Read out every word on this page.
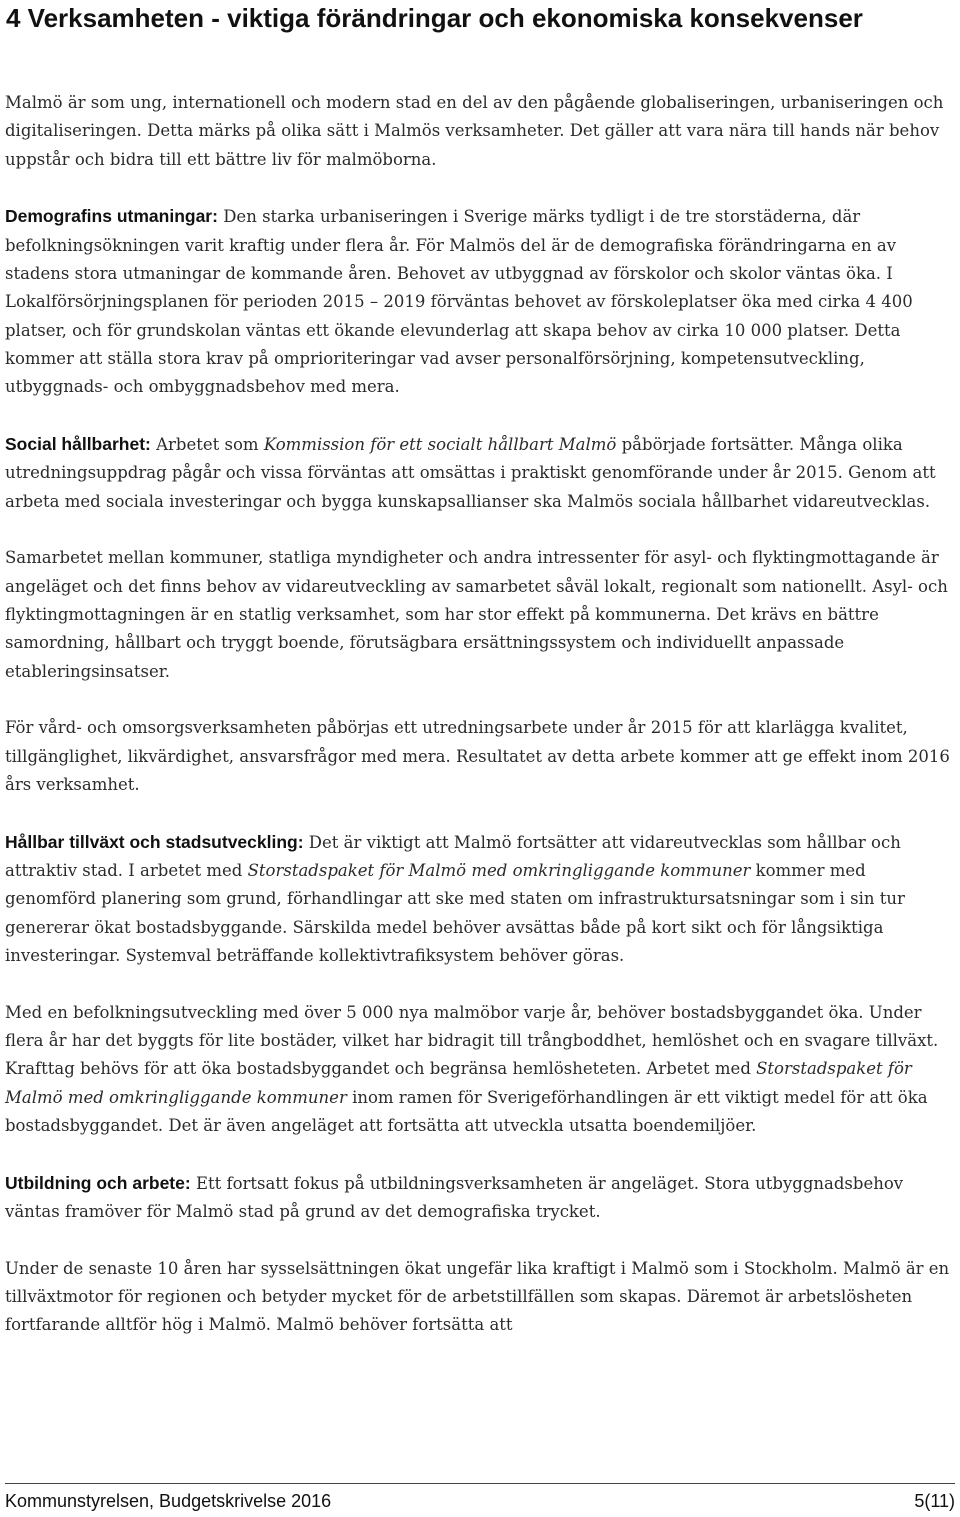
4 Verksamheten - viktiga förändringar och ekonomiska konsekvenser

Malmö är som ung, internationell och modern stad en del av den pågående globaliseringen, urbaniseringen och digitaliseringen. Detta märks på olika sätt i Malmös verksamheter. Det gäller att vara nära till hands när behov uppstår och bidra till ett bättre liv för malmöborna.

Demografins utmaningar: Den starka urbaniseringen i Sverige märks tydligt i de tre storstäderna, där befolkningsökningen varit kraftig under flera år. För Malmös del är de demografiska förändringarna en av stadens stora utmaningar de kommande åren. Behovet av utbyggnad av förskolor och skolor väntas öka. I Lokalförsörjningsplanen för perioden 2015 – 2019 förväntas behovet av förskoleplatser öka med cirka 4 400 platser, och för grundskolan väntas ett ökande elevunderlag att skapa behov av cirka 10 000 platser. Detta kommer att ställa stora krav på omprioriteringar vad avser personalförsörjning, kompetensutveckling, utbyggnads- och ombyggnadsbehov med mera.

Social hållbarhet: Arbetet som Kommission för ett socialt hållbart Malmö påbörjade fortsätter. Många olika utredningsuppdrag pågår och vissa förväntas att omsättas i praktiskt genomförande under år 2015. Genom att arbeta med sociala investeringar och bygga kunskapsallianser ska Malmös sociala hållbarhet vidareutvecklas.

Samarbetet mellan kommuner, statliga myndigheter och andra intressenter för asyl- och flyktingmottagande är angeläget och det finns behov av vidareutveckling av samarbetet såväl lokalt, regionalt som nationellt. Asyl- och flyktingmottagningen är en statlig verksamhet, som har stor effekt på kommunerna. Det krävs en bättre samordning, hållbart och tryggt boende, förutsägbara ersättningssystem och individuellt anpassade etableringsinsatser.

För vård- och omsorgsverksamheten påbörjas ett utredningsarbete under år 2015 för att klarlägga kvalitet, tillgänglighet, likvärdighet, ansvarsfrågor med mera. Resultatet av detta arbete kommer att ge effekt inom 2016 års verksamhet.

Hållbar tillväxt och stadsutveckling: Det är viktigt att Malmö fortsätter att vidareutvecklas som hållbar och attraktiv stad. I arbetet med Storstadspaket för Malmö med omkringliggande kommuner kommer med genomförd planering som grund, förhandlingar att ske med staten om infrastruktursatsningar som i sin tur genererar ökat bostadsbyggande. Särskilda medel behöver avsättas både på kort sikt och för långsiktiga investeringar. Systemval beträffande kollektivtrafiksystem behöver göras.

Med en befolkningsutveckling med över 5 000 nya malmöbor varje år, behöver bostadsbyggandet öka. Under flera år har det byggts för lite bostäder, vilket har bidragit till trångboddhet, hemlöshet och en svagare tillväxt. Krafttag behövs för att öka bostadsbyggandet och begränsa hemlösheteten. Arbetet med Storstadspaket för Malmö med omkringliggande kommuner inom ramen för Sverigeförhandlingen är ett viktigt medel för att öka bostadsbyggandet. Det är även angeläget att fortsätta att utveckla utsatta boendemiljöer.

Utbildning och arbete: Ett fortsatt fokus på utbildningsverksamheten är angeläget. Stora utbyggnadsbehov väntas framöver för Malmö stad på grund av det demografiska trycket.

Under de senaste 10 åren har sysselsättningen ökat ungefär lika kraftigt i Malmö som i Stockholm. Malmö är en tillväxtmotor för regionen och betyder mycket för de arbetstillfällen som skapas. Däremot är arbetslösheten fortfarande alltför hög i Malmö. Malmö behöver fortsätta att

Kommunstyrelsen, Budgetskrivelse 2016	5(11)
